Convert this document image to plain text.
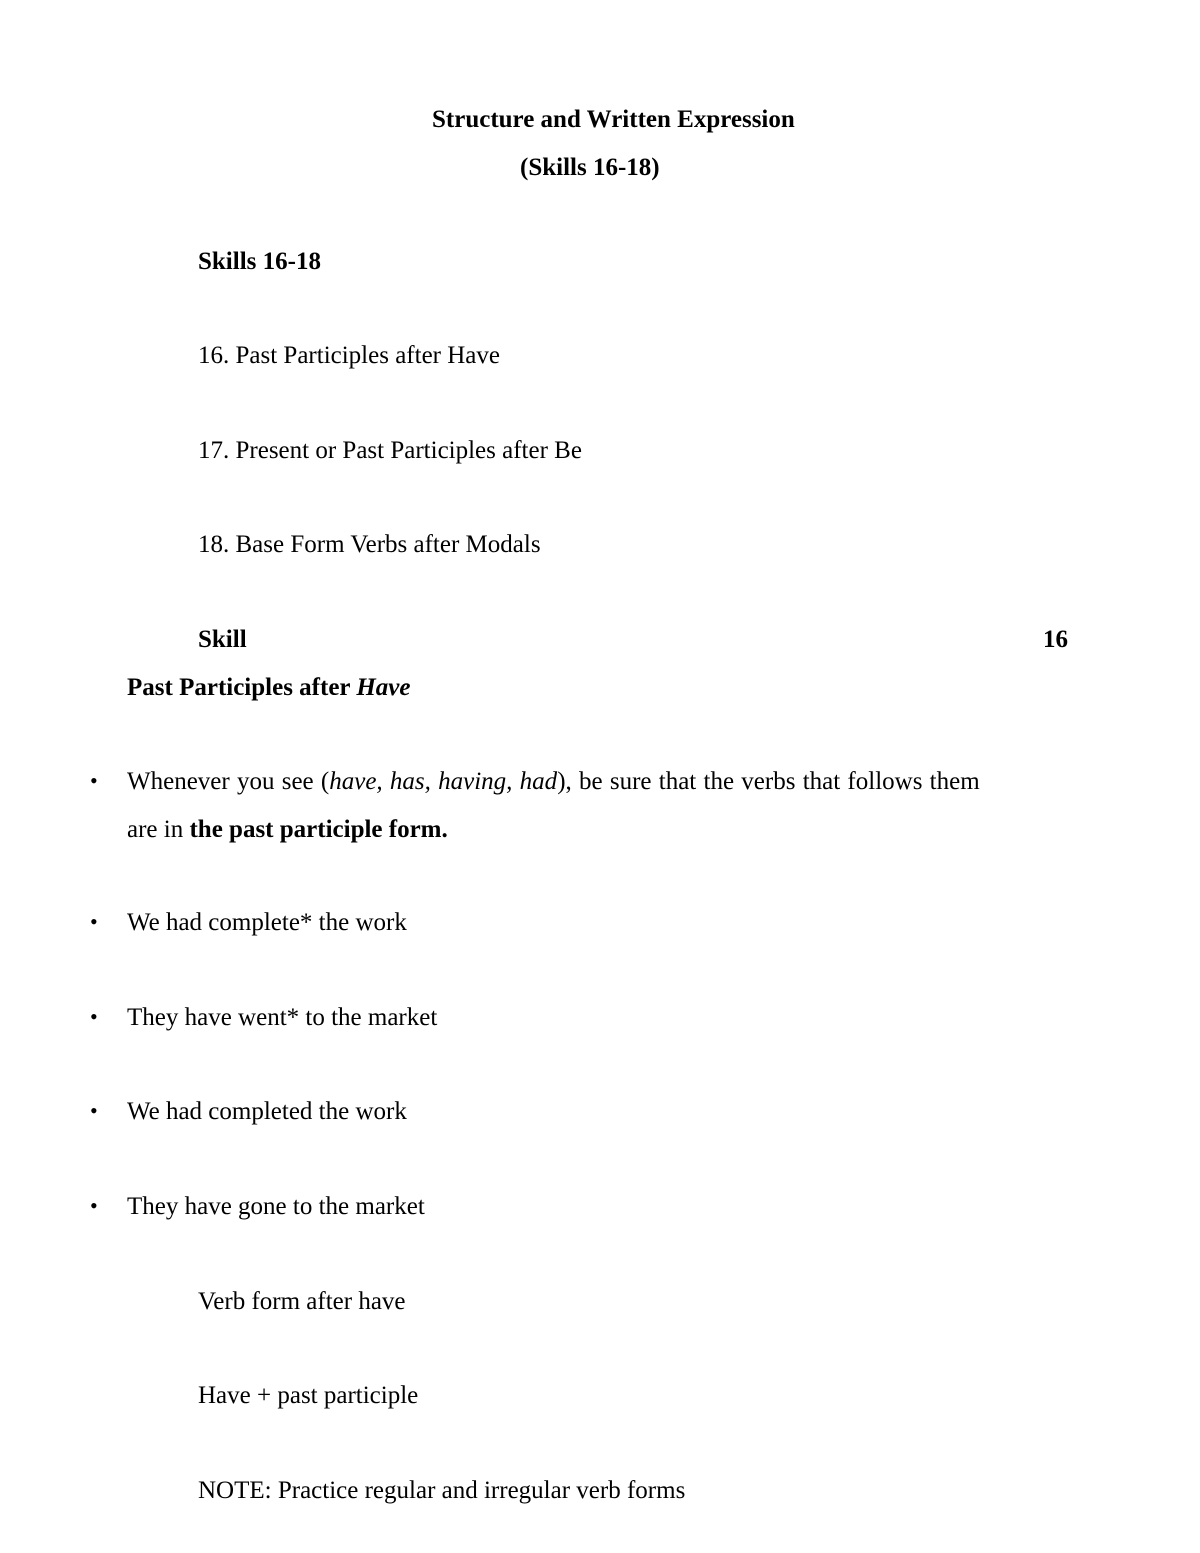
Structure and Written Expression
(Skills 16-18)
Skills 16-18
16. Past Participles after Have
17. Present or Past Participles after Be
18. Base Form Verbs after Modals
Skill	16
Past Participles after Have
• Whenever you see (have, has, having, had), be sure that the verbs that follows them
are in the past participle form.
• We had complete* the work
• They have went* to the market
• We had completed the work
• They have gone to the market
Verb form after have
Have + past participle
NOTE: Practice regular and irregular verb forms
